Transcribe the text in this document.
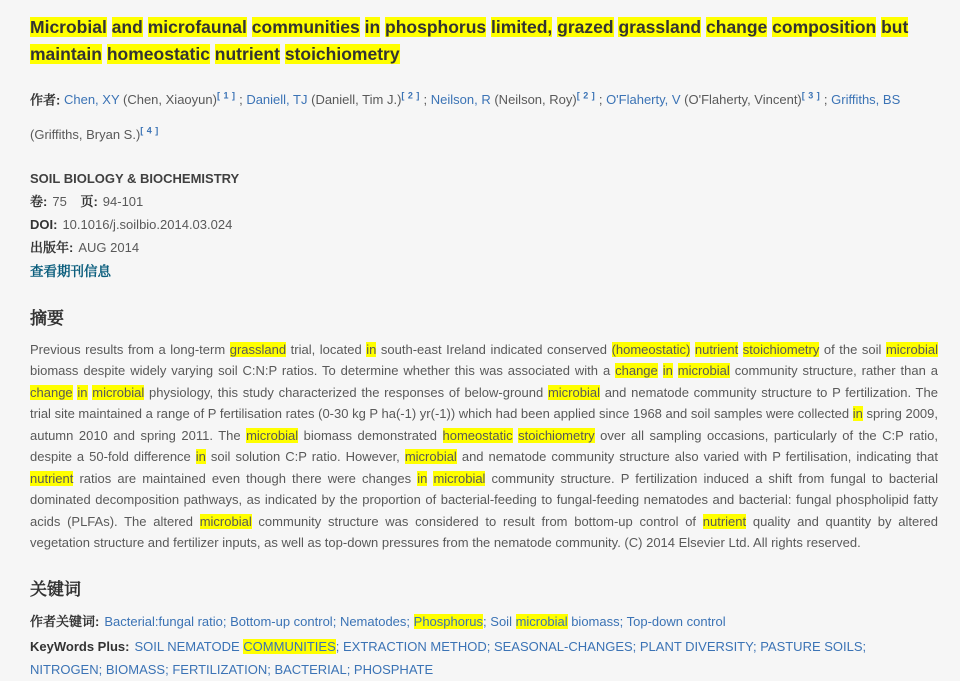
Microbial and microfaunal communities in phosphorus limited, grazed grassland change composition but maintain homeostatic nutrient stoichiometry
作者: Chen, XY (Chen, Xiaoyun)[ 1 ] ; Daniell, TJ (Daniell, Tim J.)[ 2 ] ; Neilson, R (Neilson, Roy)[ 2 ] ; O'Flaherty, V (O'Flaherty, Vincent)[ 3 ] ; Griffiths, BS (Griffiths, Bryan S.)[ 4 ]
SOIL BIOLOGY & BIOCHEMISTRY
卷: 75 页: 94-101
DOI: 10.1016/j.soilbio.2014.03.024
出版年: AUG 2014
查看期刊信息
摘要

Previous results from a long-term grassland trial, located in south-east Ireland indicated conserved (homeostatic) nutrient stoichiometry of the soil microbial biomass despite widely varying soil C:N:P ratios. To determine whether this was associated with a change in microbial community structure, rather than a change in microbial physiology, this study characterized the responses of below-ground microbial and nematode community structure to P fertilization. The trial site maintained a range of P fertilisation rates (0-30 kg P ha(-1) yr(-1)) which had been applied since 1968 and soil samples were collected in spring 2009, autumn 2010 and spring 2011. The microbial biomass demonstrated homeostatic stoichiometry over all sampling occasions, particularly of the C:P ratio, despite a 50-fold difference in soil solution C:P ratio. However, microbial and nematode community structure also varied with P fertilisation, indicating that nutrient ratios are maintained even though there were changes in microbial community structure. P fertilization induced a shift from fungal to bacterial dominated decomposition pathways, as indicated by the proportion of bacterial-feeding to fungal-feeding nematodes and bacterial: fungal phospholipid fatty acids (PLFAs). The altered microbial community structure was considered to result from bottom-up control of nutrient quality and quantity by altered vegetation structure and fertilizer inputs, as well as top-down pressures from the nematode community. (C) 2014 Elsevier Ltd. All rights reserved.

关键词
作者关键词: Bacterial:fungal ratio; Bottom-up control; Nematodes; Phosphorus; Soil microbial biomass; Top-down control
KeyWords Plus: SOIL NEMATODE COMMUNITIES; EXTRACTION METHOD; SEASONAL-CHANGES; PLANT DIVERSITY; PASTURE SOILS; NITROGEN; BIOMASS; FERTILIZATION; BACTERIAL; PHOSPHATE
